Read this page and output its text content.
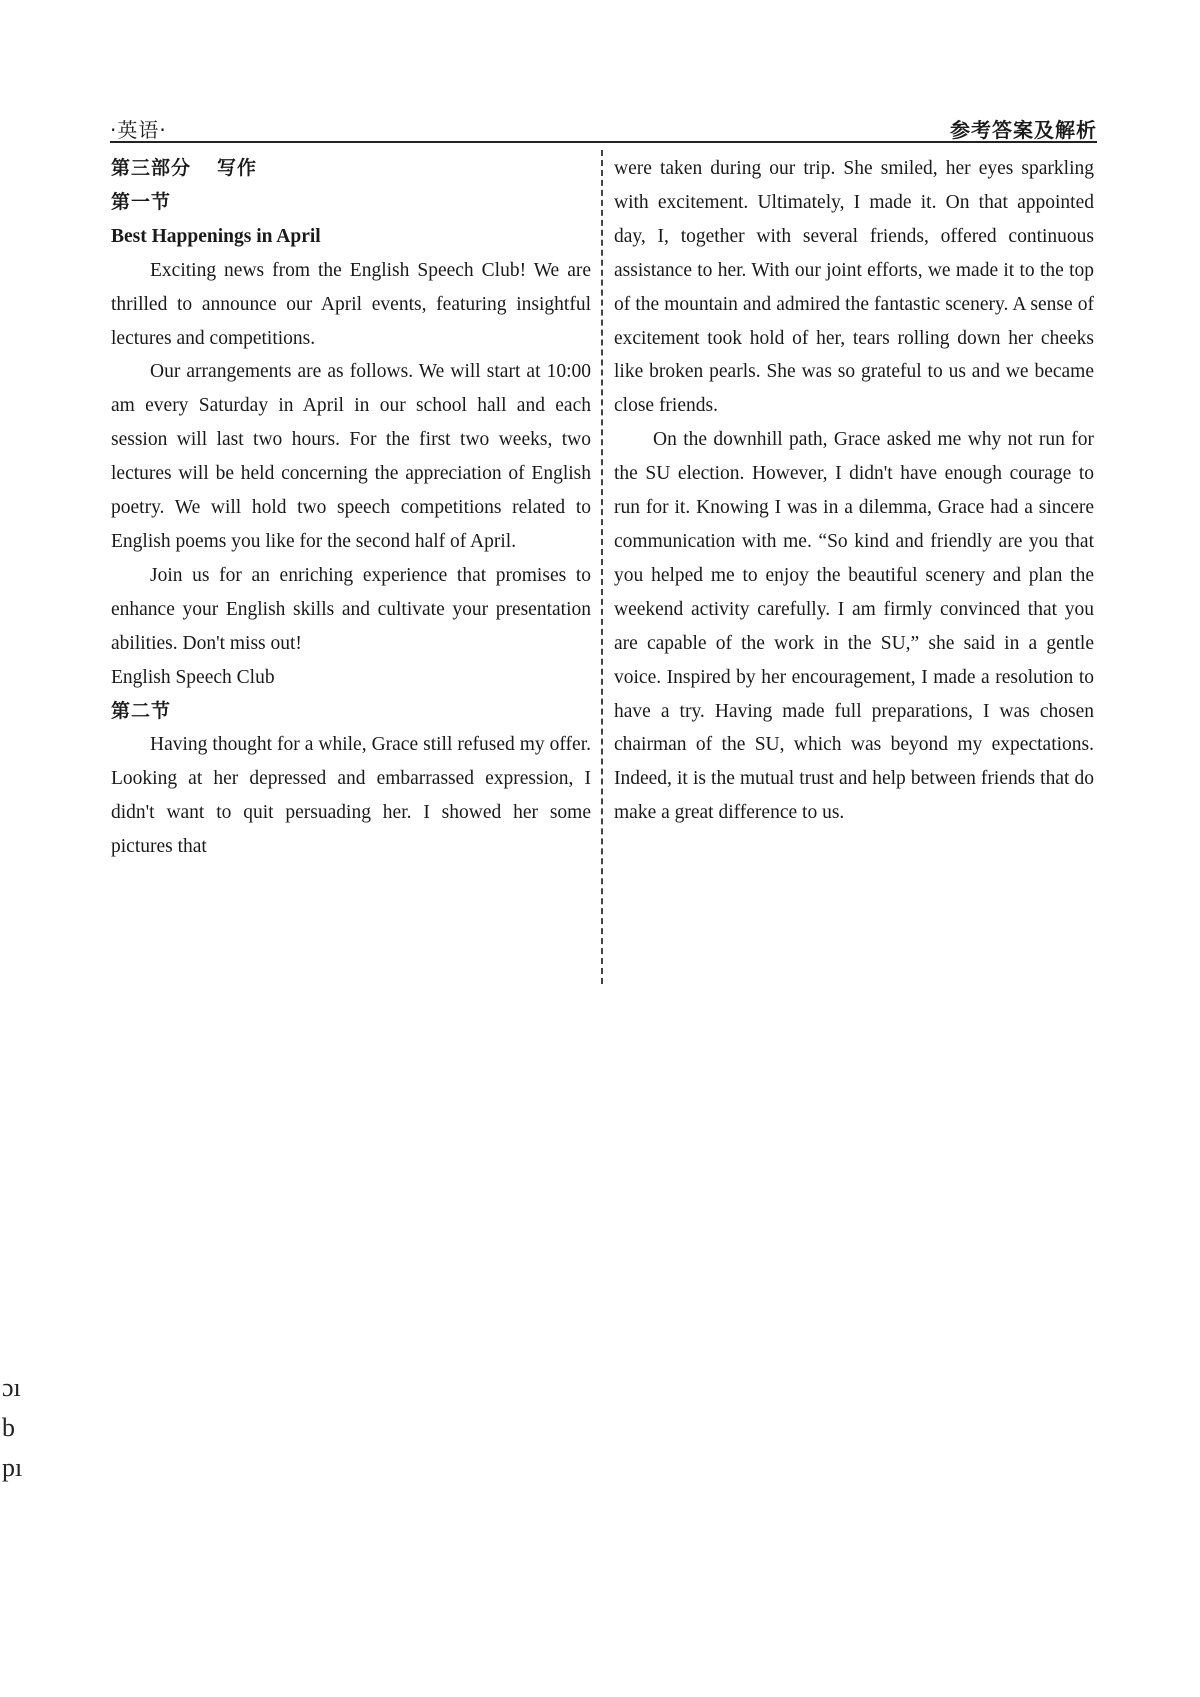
·英语·	参考答案及解析

第三部分 写作

第一节

Best Happenings in April

Exciting news from the English Speech Club! We are thrilled to announce our April events, featuring insightful lectures and competitions.

Our arrangements are as follows. We will start at 10:00 am every Saturday in April in our school hall and each session will last two hours. For the first two weeks, two lectures will be held concerning the appreciation of English poetry. We will hold two speech competitions related to English poems you like for the second half of April.

Join us for an enriching experience that promises to enhance your English skills and cultivate your presentation abilities. Don't miss out!

English Speech Club

第二节

Having thought for a while, Grace still refused my offer. Looking at her depressed and embarrassed expression, I didn't want to quit persuading her. I showed her some pictures that

were taken during our trip. She smiled, her eyes sparkling with excitement. Ultimately, I made it. On that appointed day, I, together with several friends, offered continuous assistance to her. With our joint efforts, we made it to the top of the mountain and admired the fantastic scenery. A sense of excitement took hold of her, tears rolling down her cheeks like broken pearls. She was so grateful to us and we became close friends.

On the downhill path, Grace asked me why not run for the SU election. However, I didn't have enough courage to run for it. Knowing I was in a dilemma, Grace had a sincere communication with me. “So kind and friendly are you that you helped me to enjoy the beautiful scenery and plan the weekend activity carefully. I am firmly convinced that you are capable of the work in the SU,” she said in a gentle voice. Inspired by her encouragement, I made a resolution to have a try. Having made full preparations, I was chosen chairman of the SU, which was beyond my expectations. Indeed, it is the mutual trust and help between friends that do make a great difference to us.

ɔı
b
pı
